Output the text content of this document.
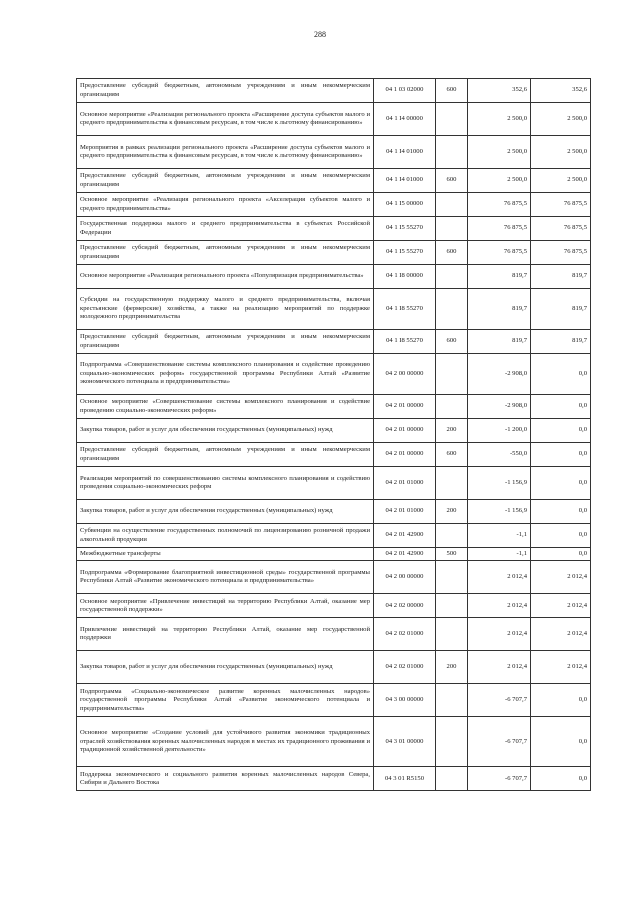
288
Предоставление субсидий бюджетным, автономным учреждениям и иным некоммерческим организациям	04 1 03 02000	600	352,6	352,6
Основное мероприятие «Реализация регионального проекта «Расширение доступа субъектов малого и среднего предпринимательства к финансовым ресурсам, в том числе к льготному финансированию»	04 1 I4 00000		2 500,0	2 500,0
Мероприятия в рамках реализации регионального проекта «Расширение доступа субъектов малого и среднего предпринимательства к финансовым ресурсам, в том числе к льготному финансированию»	04 1 I4 01000		2 500,0	2 500,0
Предоставление субсидий бюджетным, автономным учреждениям и иным некоммерческим организациям	04 1 I4 01000	600	2 500,0	2 500,0
Основное мероприятие «Реализация регионального проекта «Акселерация субъектов малого и среднего предпринимательства»	04 1 I5 00000		76 875,5	76 875,5
Государственная поддержка малого и среднего предпринимательства в субъектах Российской Федерации	04 1 I5 55270		76 875,5	76 875,5
Предоставление субсидий бюджетным, автономным учреждениям и иным некоммерческим организациям	04 1 I5 55270	600	76 875,5	76 875,5
Основное мероприятие «Реализация регионального проекта «Популяризация предпринимательства»	04 1 I8 00000		819,7	819,7
Субсидии на государственную поддержку малого и среднего предпринимательства, включая крестьянские (фермерские) хозяйства, а также на реализацию мероприятий по поддержке молодежного предпринимательства	04 1 I8 55270		819,7	819,7
Предоставление субсидий бюджетным, автономным учреждениям и иным некоммерческим организациям	04 1 I8 55270	600	819,7	819,7
Подпрограмма «Совершенствование системы комплексного планирования и содействие проведению социально-экономических реформ» государственной программы Республики Алтай «Развитие экономического потенциала и предпринимательства»	04 2 00 00000		-2 908,0	0,0
Основное мероприятие «Совершенствование системы комплексного планирования и содействие проведению социально-экономических реформ»	04 2 01 00000		-2 908,0	0,0
Закупка товаров, работ и услуг для обеспечения государственных (муниципальных) нужд	04 2 01 00000	200	-1 200,0	0,0
Предоставление субсидий бюджетным, автономным учреждениям и иным некоммерческим организациям	04 2 01 00000	600	-550,0	0,0
Реализация мероприятий по совершенствованию системы комплексного планирования и содействию проведения социально-экономических реформ	04 2 01 01000		-1 156,9	0,0
Закупка товаров, работ и услуг для обеспечения государственных (муниципальных) нужд	04 2 01 01000	200	-1 156,9	0,0
Субвенции на осуществление государственных полномочий по лицензированию розничной продажи алкогольной продукции	04 2 01 42900		-1,1	0,0
Межбюджетные трансферты	04 2 01 42900	500	-1,1	0,0
Подпрограмма «Формирование благоприятной инвестиционной среды» государственной программы Республики Алтай «Развитие экономического потенциала и предпринимательства»	04 2 00 00000		2 012,4	2 012,4
Основное мероприятие «Привлечение инвестиций на территорию Республики Алтай, оказание мер государственной поддержки»	04 2 02 00000		2 012,4	2 012,4
Привлечение инвестиций на территорию Республики Алтай, оказание мер государственной поддержки	04 2 02 01000		2 012,4	2 012,4
Закупка товаров, работ и услуг для обеспечения государственных (муниципальных) нужд	04 2 02 01000	200	2 012,4	2 012,4
Подпрограмма «Социально-экономическое развитие коренных малочисленных народов» государственной программы Республики Алтай «Развитие экономического потенциала и предпринимательства»	04 3 00 00000		-6 707,7	0,0
Основное мероприятие «Создание условий для устойчивого развития экономики традиционных отраслей хозяйствования коренных малочисленных народов в местах их традиционного проживания и традиционной хозяйственной деятельности»	04 3 01 00000		-6 707,7	0,0
Поддержка экономического и социального развития коренных малочисленных народов Севера, Сибири и Дальнего Востока	04 3 01 R5150		-6 707,7	0,0
